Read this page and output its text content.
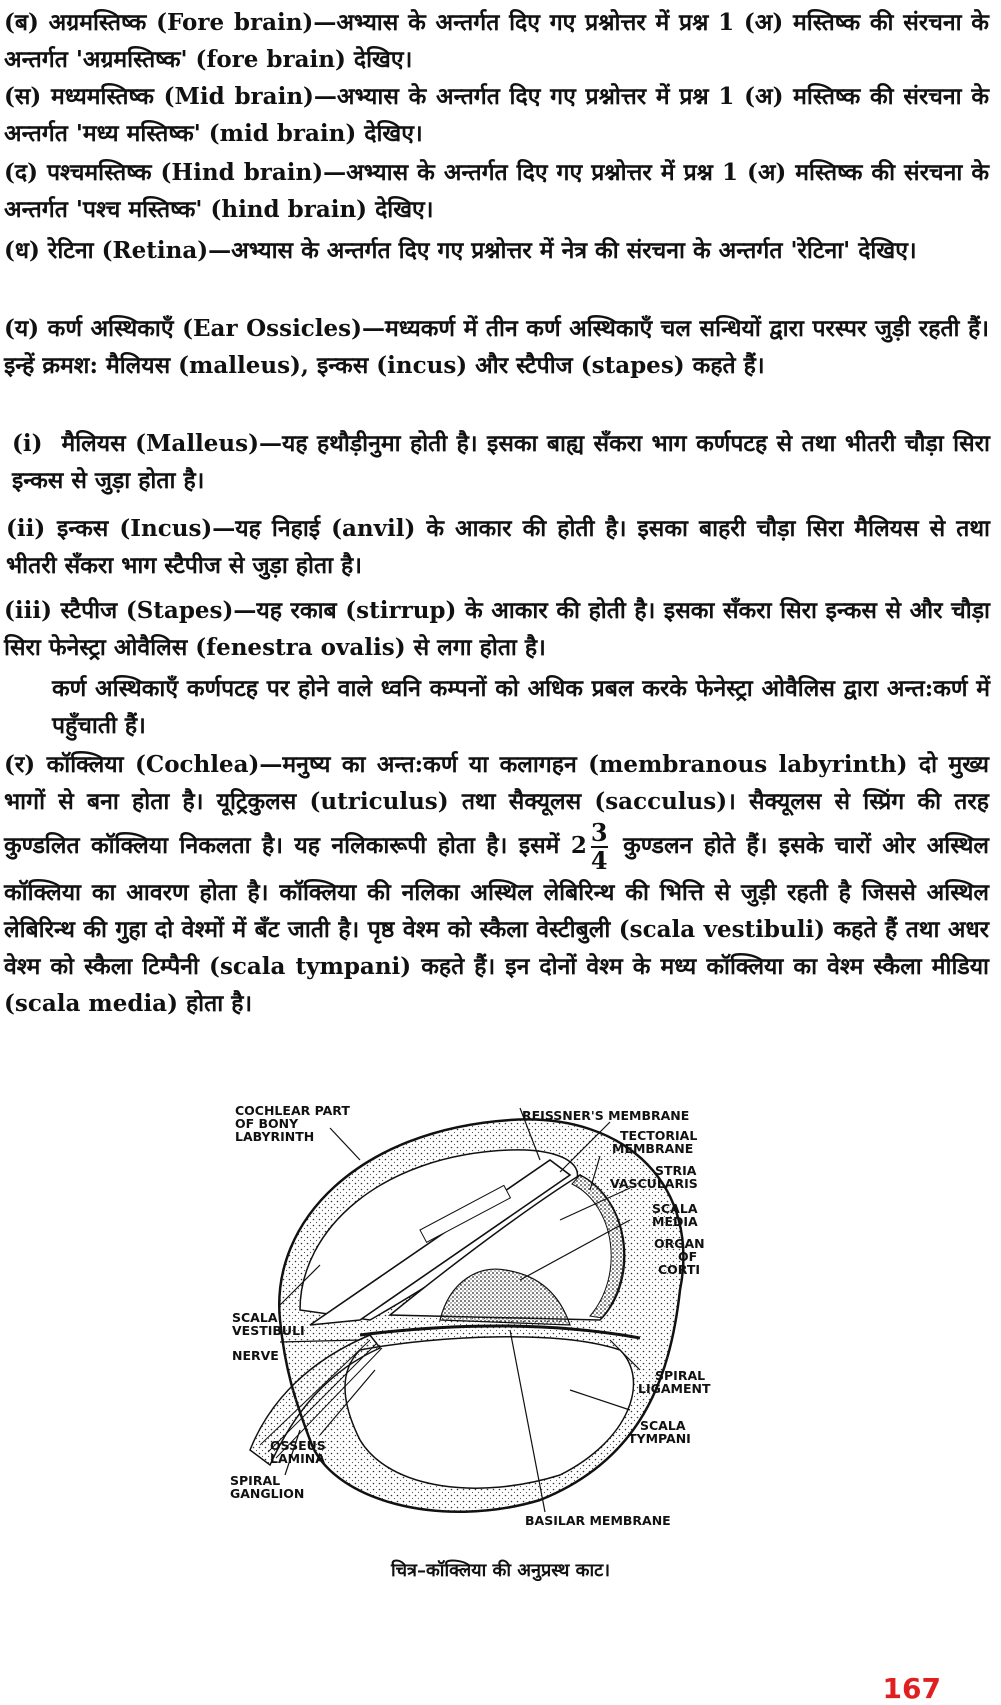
(ब) अग्रमस्तिष्क (Fore brain)—अभ्यास के अन्तर्गत दिए गए प्रश्नोत्तर में प्रश्न 1 (अ) मस्तिष्क की संरचना के अन्तर्गत 'अग्रमस्तिष्क' (fore brain) देखिए।

(स) मध्यमस्तिष्क (Mid brain)—अभ्यास के अन्तर्गत दिए गए प्रश्नोत्तर में प्रश्न 1 (अ) मस्तिष्क की संरचना के अन्तर्गत 'मध्य मस्तिष्क' (mid brain) देखिए।

(द) पश्चमस्तिष्क (Hind brain)—अभ्यास के अन्तर्गत दिए गए प्रश्नोत्तर में प्रश्न 1 (अ) मस्तिष्क की संरचना के अन्तर्गत 'पश्च मस्तिष्क' (hind brain) देखिए।

(ध) रेटिना (Retina)—अभ्यास के अन्तर्गत दिए गए प्रश्नोत्तर में नेत्र की संरचना के अन्तर्गत 'रेटिना' देखिए।

(य) कर्ण अस्थिकाएँ (Ear Ossicles)—मध्यकर्ण में तीन कर्ण अस्थिकाएँ चल सन्धियों द्वारा परस्पर जुड़ी रहती हैं। इन्हें क्रमश: मैलियस (malleus), इन्कस (incus) और स्टैपीज (stapes) कहते हैं।

(i) मैलियस (Malleus)—यह हथौड़ीनुमा होती है। इसका बाह्य सँकरा भाग कर्णपटह से तथा भीतरी चौड़ा सिरा इन्कस से जुड़ा होता है।

(ii) इन्कस (Incus)—यह निहाई (anvil) के आकार की होती है। इसका बाहरी चौड़ा सिरा मैलियस से तथा भीतरी सँकरा भाग स्टैपीज से जुड़ा होता है।

(iii) स्टैपीज (Stapes)—यह रकाब (stirrup) के आकार की होती है। इसका सँकरा सिरा इन्कस से और चौड़ा सिरा फेनेस्ट्रा ओवैलिस (fenestra ovalis) से लगा होता है।

कर्ण अस्थिकाएँ कर्णपटह पर होने वाले ध्वनि कम्पनों को अधिक प्रबल करके फेनेस्ट्रा ओवैलिस द्वारा अन्त:कर्ण में पहुँचाती हैं।

(र) कॉक्लिया (Cochlea)—मनुष्य का अन्त:कर्ण या कलागहन (membranous labyrinth) दो मुख्य भागों से बना होता है। यूट्रिकुलस (utriculus) तथा सैक्यूलस (sacculus)। सैक्यूलस से स्प्रिंग की तरह कुण्डलित कॉक्लिया निकलता है। यह नलिकारूपी होता है। इसमें $2 \frac{3}{4}$ कुण्डलन होते हैं। इसके चारों ओर अस्थिल कॉक्लिया का आवरण होता है। कॉक्लिया की नलिका अस्थिल लेबिरिन्थ की भित्ति से जुड़ी रहती है जिससे अस्थिल लेबिरिन्थ की गुहा दो वेश्मों में बँट जाती है। पृष्ठ वेश्म को स्कैला वेस्टीबुली (scala vestibuli) कहते हैं तथा अधर वेश्म को स्कैला टिम्पैनी (scala tympani) कहते हैं। इन दोनों वेश्म के मध्य कॉक्लिया का वेश्म स्कैला मीडिया (scala media) होता है।

COCHLEAR PART
OF BONY
LABYRINTH
REISSNER'S MEMBRANE
TECTORIAL
MEMBRANE
STRIA
VASCULARIS
SCALA
MEDIA
ORGAN
OF
CORTI
SCALA
VESTIBULI
NERVE
SPIRAL
LIGAMENT
OSSEUS
LAMINA
SCALA
TYMPANI
SPIRAL
GANGLION
BASILAR MEMBRANE
चित्र–कॉक्लिया की अनुप्रस्थ काट।
167
